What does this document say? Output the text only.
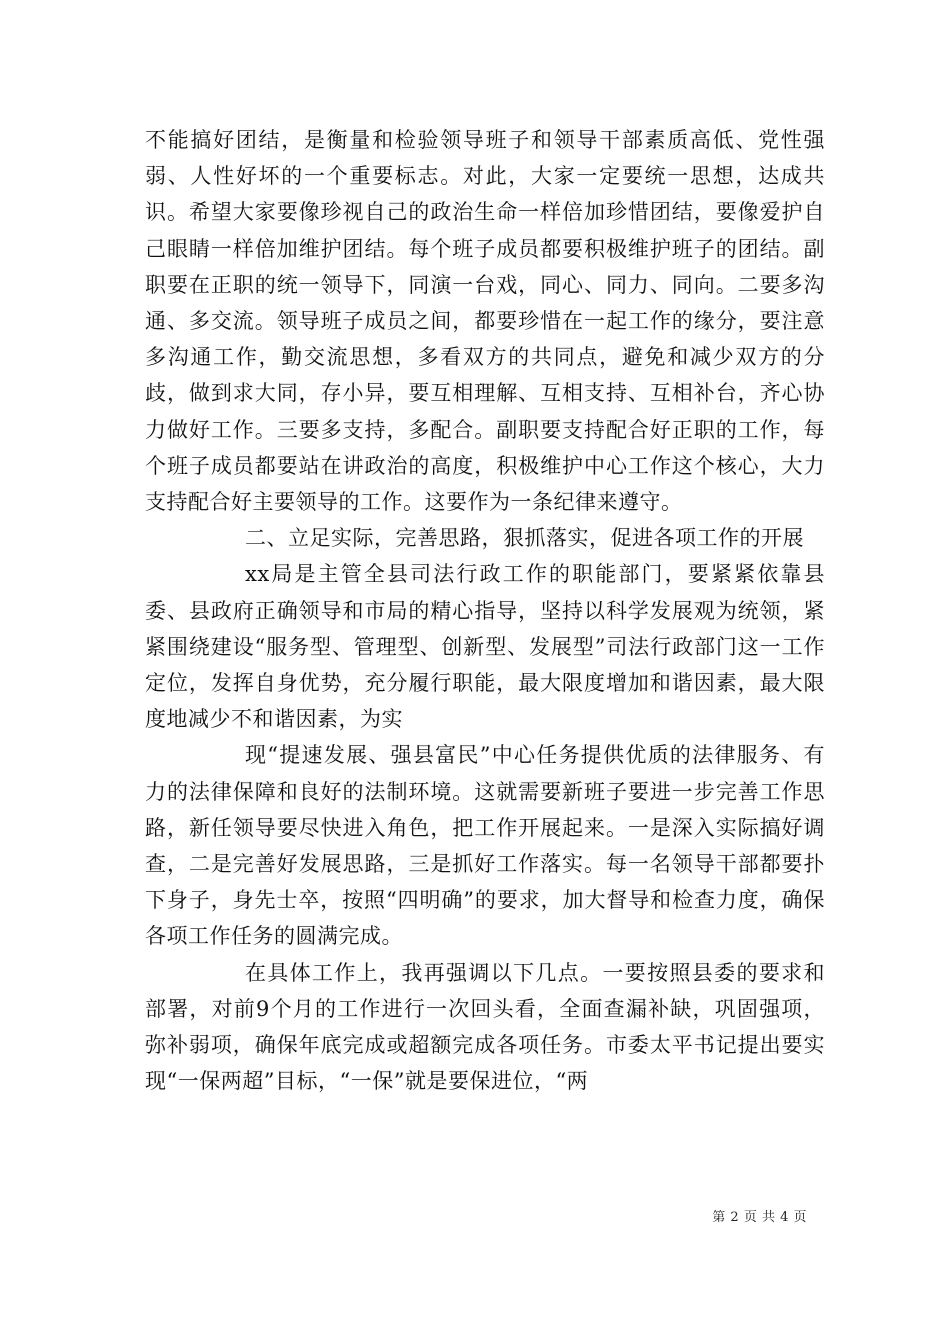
不能搞好团结，是衡量和检验领导班子和领导干部素质高低、党性强弱、人性好坏的一个重要标志。对此，大家一定要统一思想，达成共识。希望大家要像珍视自己的政治生命一样倍加珍惜团结，要像爱护自己眼睛一样倍加维护团结。每个班子成员都要积极维护班子的团结。副职要在正职的统一领导下，同演一台戏，同心、同力、同向。二要多沟通、多交流。领导班子成员之间，都要珍惜在一起工作的缘分，要注意多沟通工作，勤交流思想，多看双方的共同点，避免和减少双方的分歧，做到求大同，存小异，要互相理解、互相支持、互相补台，齐心协力做好工作。三要多支持，多配合。副职要支持配合好正职的工作，每个班子成员都要站在讲政治的高度，积极维护中心工作这个核心，大力支持配合好主要领导的工作。这要作为一条纪律来遵守。

二、立足实际，完善思路，狠抓落实，促进各项工作的开展

xx局是主管全县司法行政工作的职能部门，要紧紧依靠县委、县政府正确领导和市局的精心指导，坚持以科学发展观为统领，紧紧围绕建设“服务型、管理型、创新型、发展型”司法行政部门这一工作定位，发挥自身优势，充分履行职能，最大限度增加和谐因素，最大限度地减少不和谐因素，为实

现“提速发展、强县富民”中心任务提供优质的法律服务、有力的法律保障和良好的法制环境。这就需要新班子要进一步完善工作思路，新任领导要尽快进入角色，把工作开展起来。一是深入实际搞好调查，二是完善好发展思路，三是抓好工作落实。每一名领导干部都要扑下身子，身先士卒，按照“四明确”的要求，加大督导和检查力度，确保各项工作任务的圆满完成。

在具体工作上，我再强调以下几点。一要按照县委的要求和部署，对前9个月的工作进行一次回头看，全面查漏补缺，巩固强项，弥补弱项，确保年底完成或超额完成各项任务。市委太平书记提出要实现“一保两超”目标，“一保”就是要保进位，“两

第 2 页 共 4 页
